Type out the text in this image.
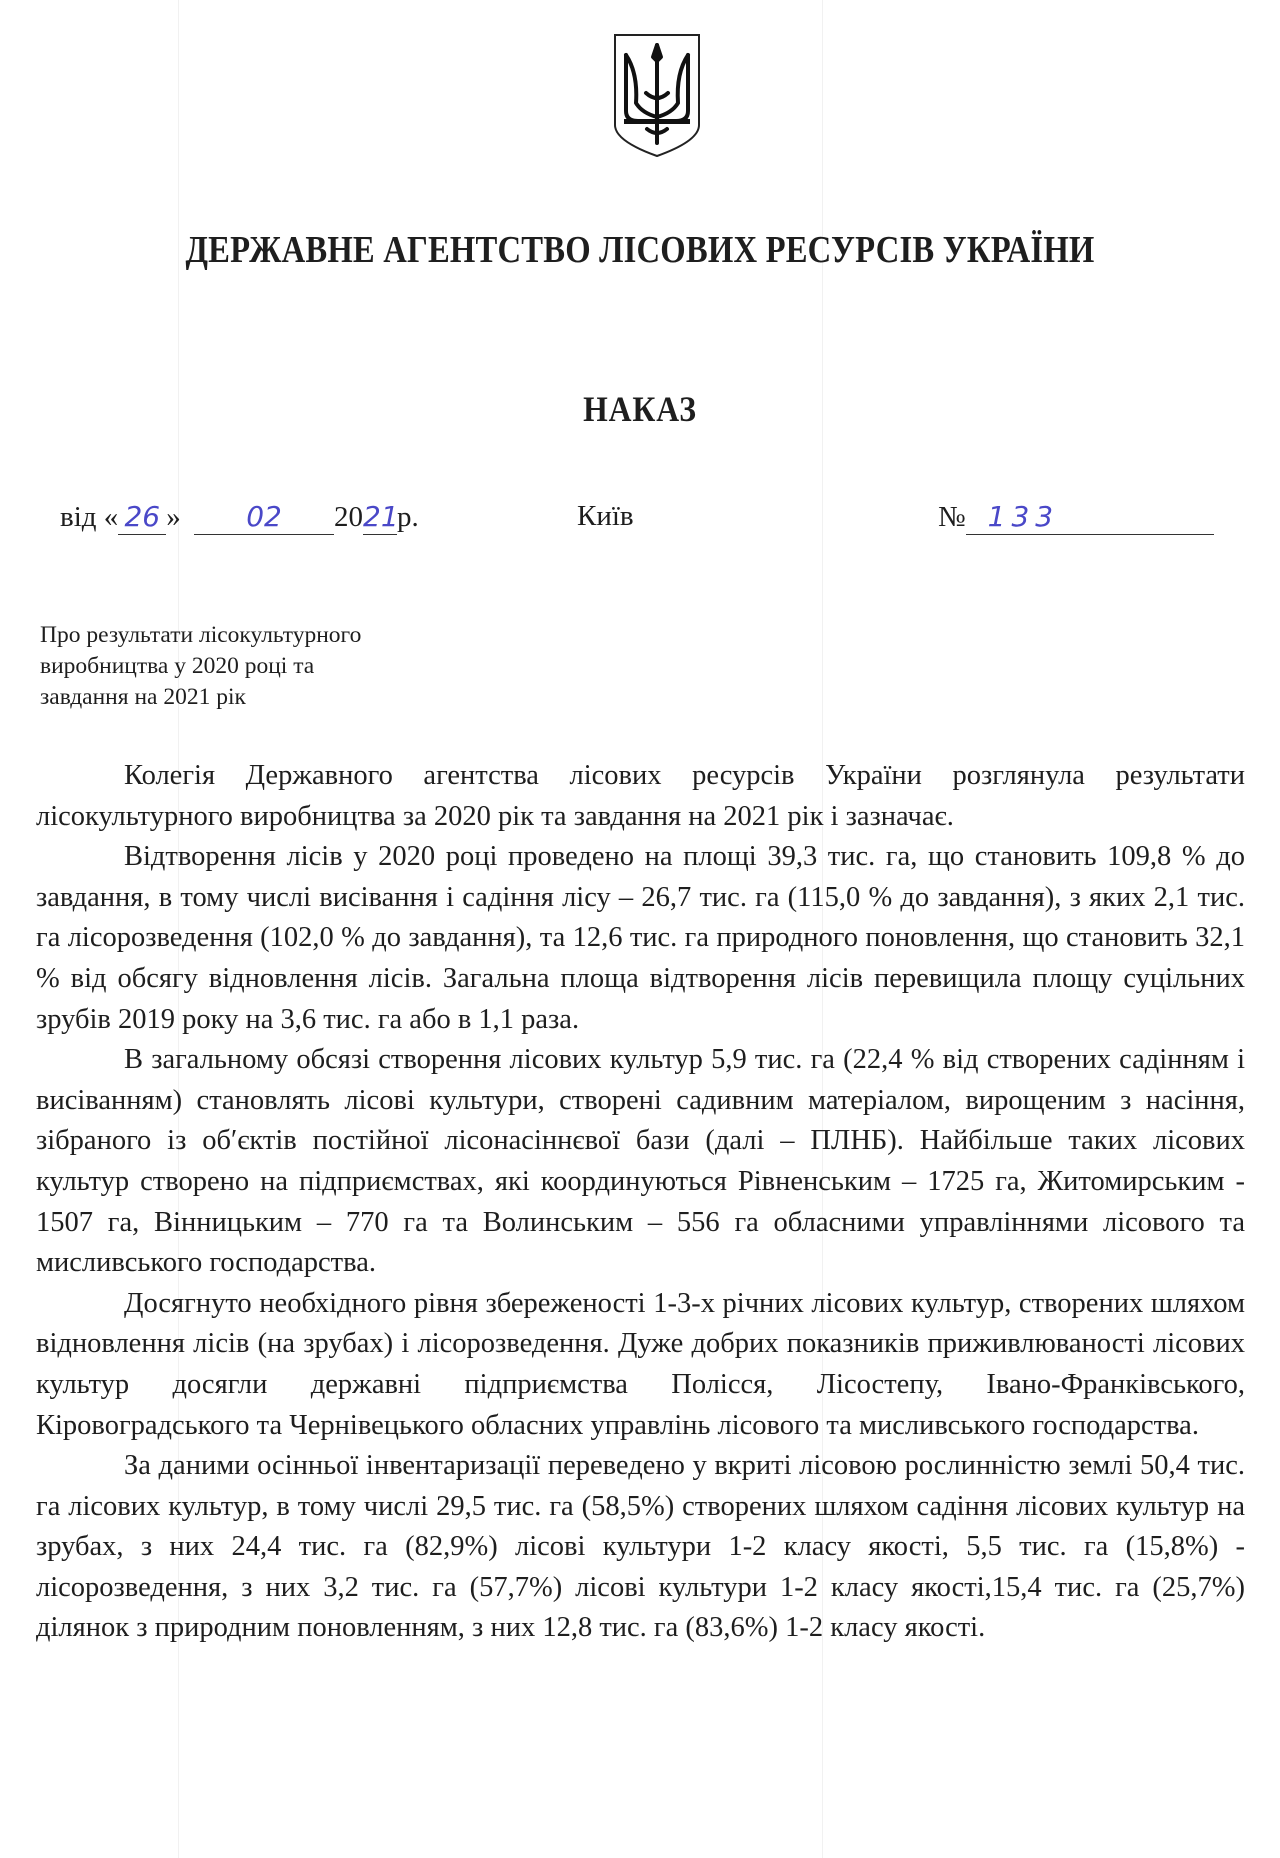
ДЕРЖАВНЕ АГЕНТСТВО ЛІСОВИХ РЕСУРСІВ УКРАЇНИ
НАКАЗ
від « 26 » 02 2021р.	Київ	№ 133
Про результати лісокультурного
виробництва у 2020 році та
завдання на 2021 рік

Колегія Державного агентства лісових ресурсів України розглянула результати лісокультурного виробництва за 2020 рік та завдання на 2021 рік і зазначає.

Відтворення лісів у 2020 році проведено на площі 39,3 тис. га, що становить 109,8 % до завдання, в тому числі висівання і садіння лісу – 26,7 тис. га (115,0 % до завдання), з яких 2,1 тис. га лісорозведення (102,0 % до завдання), та 12,6 тис. га природного поновлення, що становить 32,1 % від обсягу відновлення лісів. Загальна площа відтворення лісів перевищила площу суцільних зрубів 2019 року на 3,6 тис. га або в 1,1 раза.

В загальному обсязі створення лісових культур 5,9 тис. га (22,4 % від створених садінням і висіванням) становлять лісові культури, створені садивним матеріалом, вирощеним з насіння, зібраного із об′єктів постійної лісонасіннєвої бази (далі – ПЛНБ). Найбільше таких лісових культур створено на підприємствах, які координуються Рівненським – 1725 га, Житомирським - 1507 га, Вінницьким – 770 га та Волинським – 556 га обласними управліннями лісового та мисливського господарства.

Досягнуто необхідного рівня збереженості 1-3-х річних лісових культур, створених шляхом відновлення лісів (на зрубах) і лісорозведення. Дуже добрих показників приживлюваності лісових культур досягли державні підприємства Полісся, Лісостепу, Івано-Франківського, Кіровоградського та Чернівецького обласних управлінь лісового та мисливського господарства.

За даними осінньої інвентаризації переведено у вкриті лісовою рослинністю землі 50,4 тис. га лісових культур, в тому числі 29,5 тис. га (58,5%) створених шляхом садіння лісових культур на зрубах, з них 24,4 тис. га (82,9%) лісові культури 1-2 класу якості, 5,5 тис. га (15,8%) - лісорозведення, з них 3,2 тис. га (57,7%) лісові культури 1-2 класу якості,15,4 тис. га (25,7%) ділянок з природним поновленням, з них 12,8 тис. га (83,6%) 1-2 класу якості.
